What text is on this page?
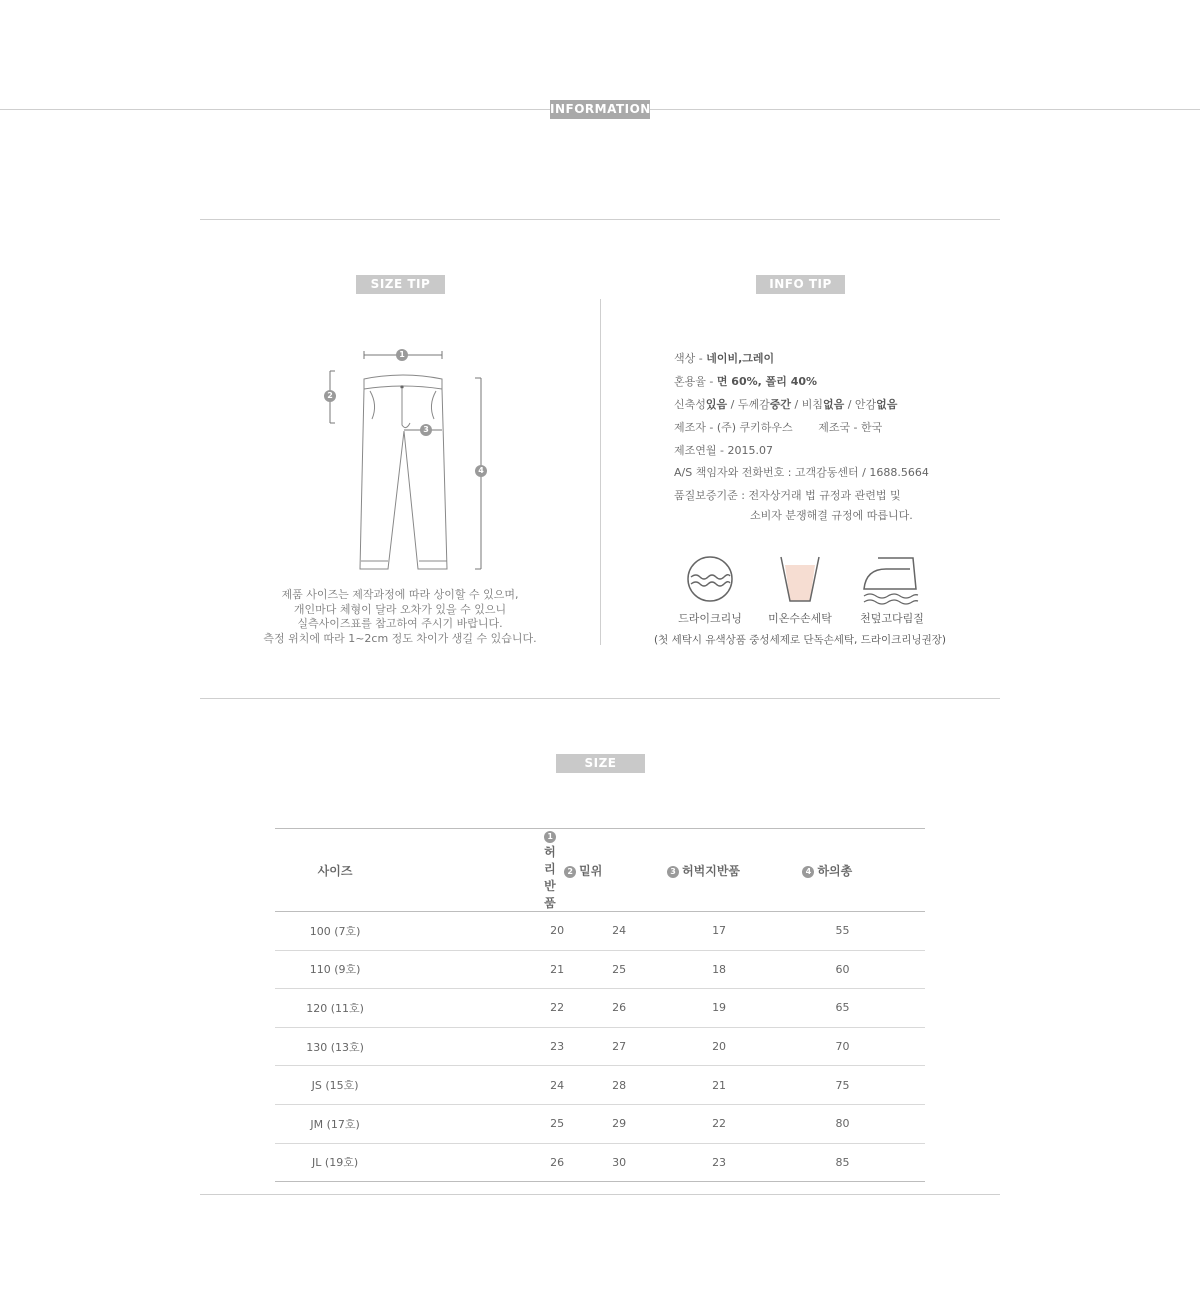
INFORMATION
SIZE TIP
1
2
3
4
제품 사이즈는 제작과정에 따라 상이할 수 있으며,
개인마다 체형이 달라 오차가 있을 수 있으니
실측사이즈표를 참고하여 주시기 바랍니다.
측정 위치에 따라 1~2cm 정도 차이가 생길 수 있습니다.
INFO TIP
색상 - 네이비,그레이
혼용율 - 면 60%, 폴리 40%
신축성있음 / 두께감중간 / 비침없음 / 안감없음
제조자 - (주) 쿠키하우스 제조국 - 한국
제조연월 - 2015.07
A/S 책임자와 전화번호 : 고객감동센터 / 1688.5664
품질보증기준 : 전자상거래 법 규정과 관련법 및
소비자 분쟁해결 규정에 따릅니다.
드라이크리닝	미온수손세탁	천덮고다림질
(첫 세탁시 유색상품 중성세제로 단독손세탁, 드라이크리닝권장)
SIZE
사이즈	1허리반품	2 밑위	3 허벅지반품	4 하의총
100 (7호)	20	24	17	55
110 (9호)	21	25	18	60
120 (11호)	22	26	19	65
130 (13호)	23	27	20	70
JS (15호)	24	28	21	75
JM (17호)	25	29	22	80
JL (19호)	26	30	23	85
